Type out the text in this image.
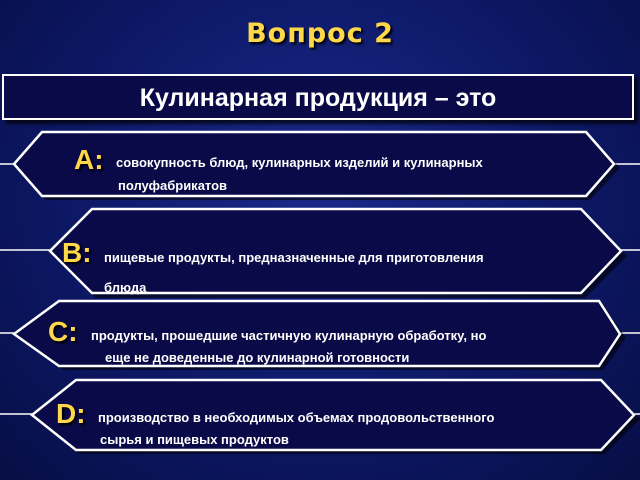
Вопрос 2
Кулинарная продукция – это
А: совокупность блюд, кулинарных изделий и кулинарных
полуфабрикатов
В: пищевые продукты, предназначенные для приготовления
блюда
С: продукты, прошедшие частичную кулинарную обработку, но
еще не доведенные до кулинарной готовности
D: производство в необходимых объемах продовольственного
сырья и пищевых продуктов
